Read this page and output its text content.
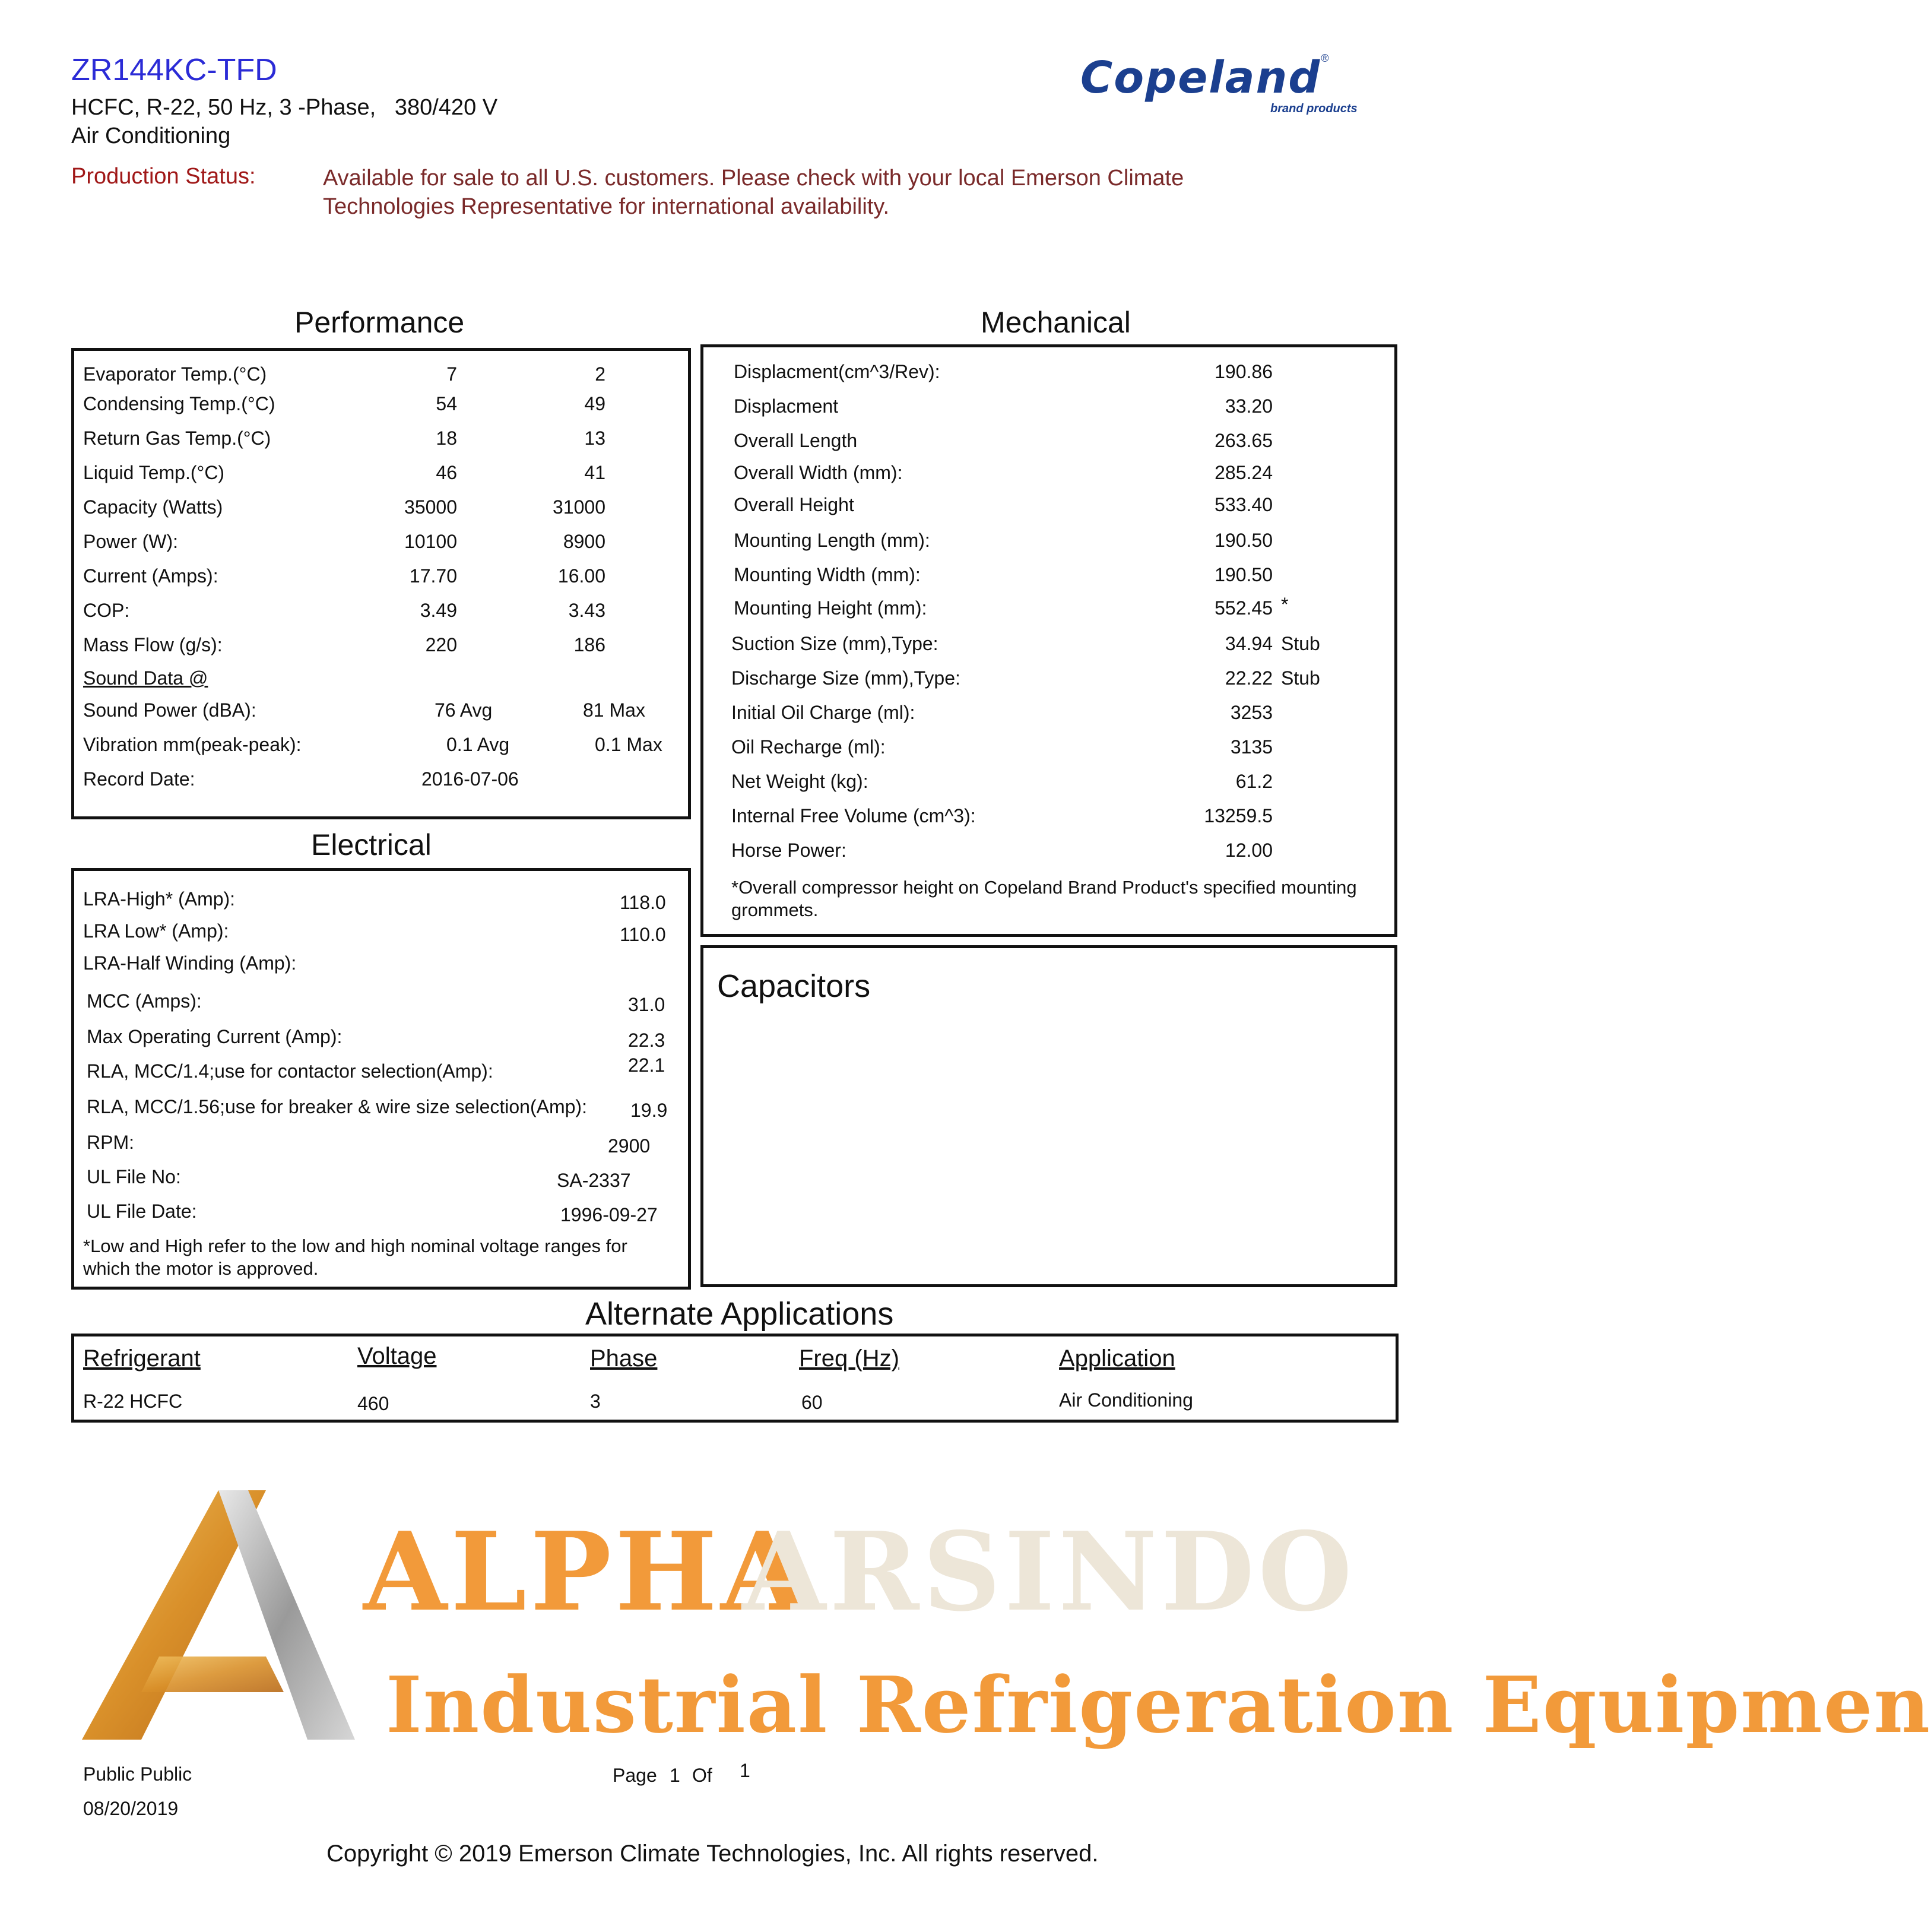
ZR144KC-TFD
HCFC, R-22, 50 Hz, 3 -Phase,   380/420 V
Air Conditioning
Production Status:	Available for sale to all U.S. customers. Please check with your local Emerson Climate Technologies Representative for international availability.
Copeland®
brand products
Performance
Evaporator Temp.(°C)	7	2
Condensing Temp.(°C)	54	49
Return Gas Temp.(°C)	18	13
Liquid Temp.(°C)	46	41
Capacity (Watts)	35000	31000
Power (W):	10100	8900
Current (Amps):	17.70	16.00
COP:	3.49	3.43
Mass Flow (g/s):	220	186
Sound Data @
Sound Power (dBA):	76 Avg	81 Max
Vibration mm(peak-peak):	0.1 Avg	0.1 Max
Record Date:	2016-07-06
Mechanical
Displacment(cm^3/Rev):	190.86
Displacment	33.20
Overall Length	263.65
Overall Width (mm):	285.24
Overall Height	533.40
Mounting Length (mm):	190.50
Mounting Width (mm):	190.50
Mounting Height (mm):	552.45 *
Suction Size (mm),Type:	34.94 Stub
Discharge Size (mm),Type:	22.22 Stub
Initial Oil Charge (ml):	3253
Oil Recharge (ml):	3135
Net Weight (kg):	61.2
Internal Free Volume (cm^3):	13259.5
Horse Power:	12.00
*Overall compressor height on Copeland Brand Product's specified mounting grommets.
Electrical
LRA-High* (Amp):	118.0
LRA Low* (Amp):	110.0
LRA-Half Winding (Amp):
MCC (Amps):	31.0
Max Operating Current (Amp):	22.3
RLA, MCC/1.4;use for contactor selection(Amp):	22.1
RLA, MCC/1.56;use for breaker & wire size selection(Amp): 19.9
RPM:	2900
UL File No:	SA-2337
UL File Date:	1996-09-27
*Low and High refer to the low and high nominal voltage ranges for which the motor is approved.
Capacitors
Alternate Applications
Refrigerant	Voltage	Phase	Freq (Hz)	Application
R-22 HCFC	460	3	60	Air Conditioning
ALPHA
ARSINDO
Industrial Refrigeration Equipmen
Public Public
08/20/2019
Page 1 Of 1
Copyright © 2019 Emerson Climate Technologies, Inc. All rights reserved.
